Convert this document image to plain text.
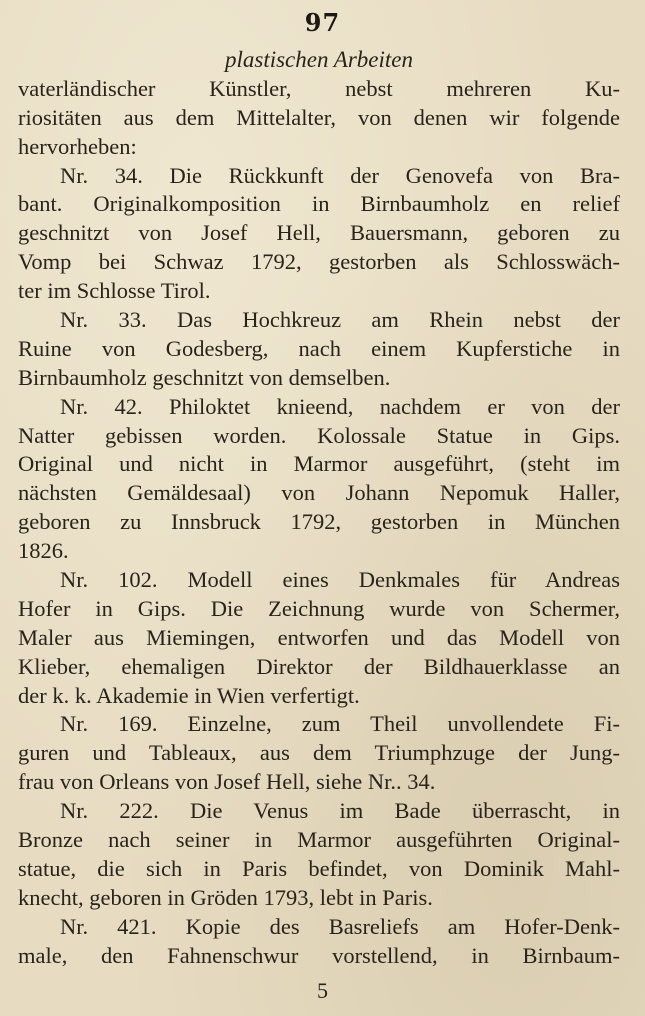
97
plastischen Arbeiten
vaterländischer Künstler, nebst mehreren Ku-
riositäten aus dem Mittelalter, von denen wir folgende
hervorheben:
Nr. 34. Die Rückkunft der Genovefa von Bra-
bant. Originalkomposition in Birnbaumholz en relief
geschnitzt von Josef Hell, Bauersmann, geboren zu
Vomp bei Schwaz 1792, gestorben als Schlosswäch-
ter im Schlosse Tirol.
Nr. 33. Das Hochkreuz am Rhein nebst der
Ruine von Godesberg, nach einem Kupferstiche in
Birnbaumholz geschnitzt von demselben.
Nr. 42. Philoktet knieend, nachdem er von der
Natter gebissen worden. Kolossale Statue in Gips.
Original und nicht in Marmor ausgeführt, (steht im
nächsten Gemäldesaal) von Johann Nepomuk Haller,
geboren zu Innsbruck 1792, gestorben in München
1826.
Nr. 102. Modell eines Denkmales für Andreas
Hofer in Gips. Die Zeichnung wurde von Schermer,
Maler aus Miemingen, entworfen und das Modell von
Klieber, ehemaligen Direktor der Bildhauerklasse an
der k. k. Akademie in Wien verfertigt.
Nr. 169. Einzelne, zum Theil unvollendete Fi-
guren und Tableaux, aus dem Triumphzuge der Jung-
frau von Orleans von Josef Hell, siehe Nr.. 34.
Nr. 222. Die Venus im Bade überrascht, in
Bronze nach seiner in Marmor ausgeführten Original-
statue, die sich in Paris befindet, von Dominik Mahl-
knecht, geboren in Gröden 1793, lebt in Paris.
Nr. 421. Kopie des Basreliefs am Hofer-Denk-
male, den Fahnenschwur vorstellend, in Birnbaum-
5
